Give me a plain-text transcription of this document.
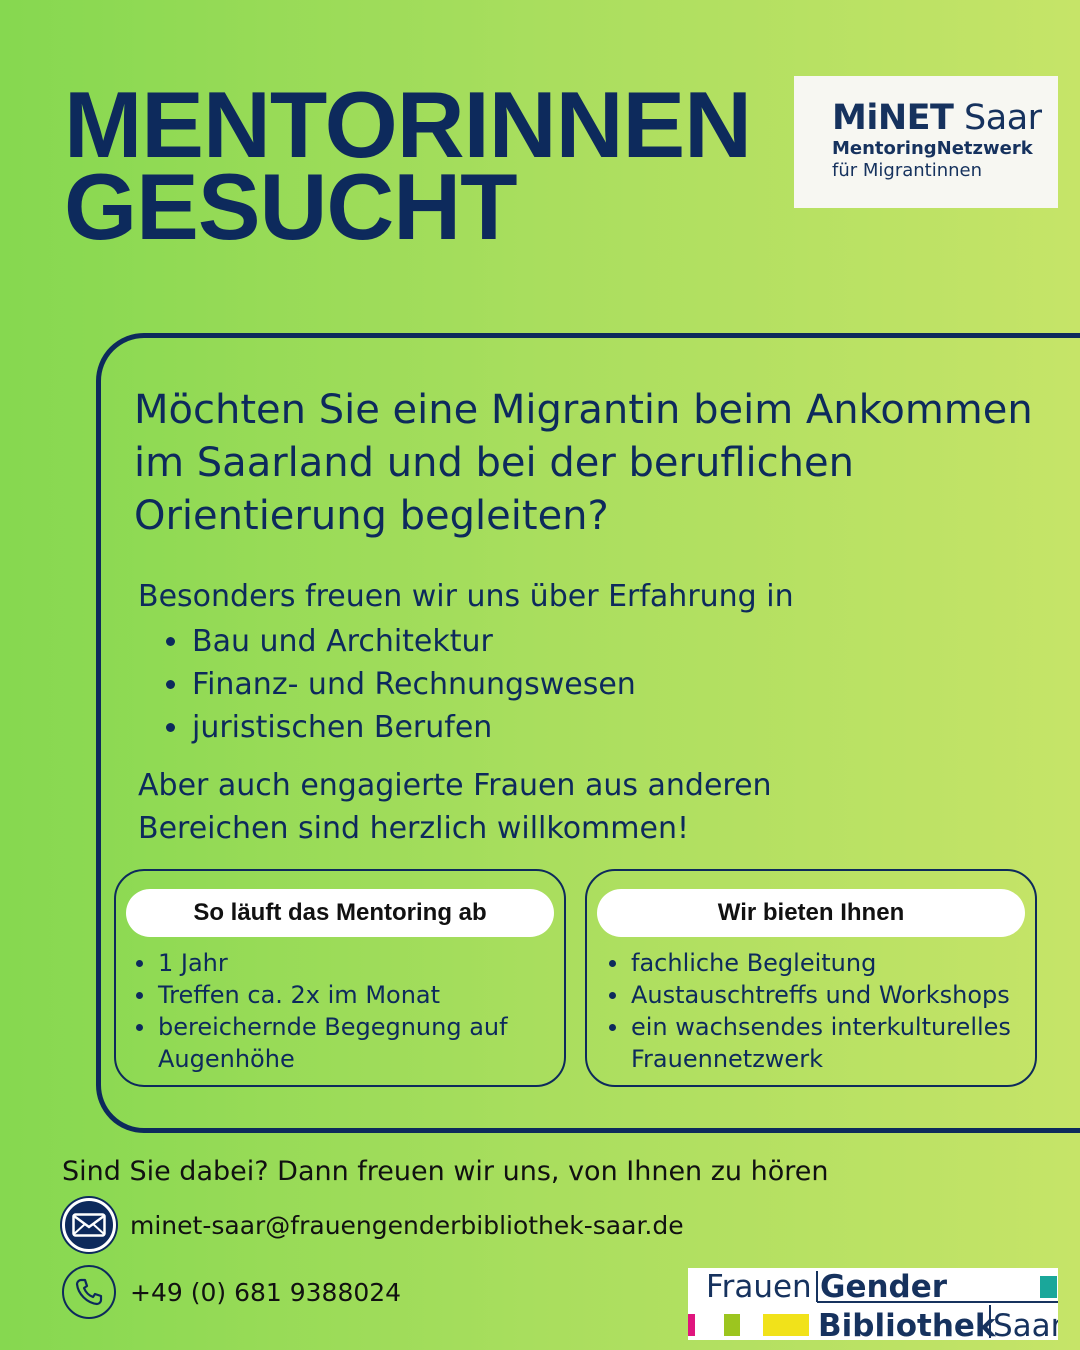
MENTORINNEN
GESUCHT
MiNET Saar
MentoringNetzwerk
für Migrantinnen

Möchten Sie eine Migrantin beim Ankommen im Saarland und bei der beruflichen Orientierung begleiten?

Besonders freuen wir uns über Erfahrung in

Bau und Architektur
Finanz- und Rechnungswesen
juristischen Berufen

Aber auch engagierte Frauen aus anderen
Bereichen sind herzlich willkommen!

So läuft das Mentoring ab
1 Jahr
Treffen ca. 2x im Monat
bereichernde Begegnung auf
Augenhöhe
Wir bieten Ihnen
fachliche Begleitung
Austauschtreffs und Workshops
ein wachsendes interkulturelles
Frauennetzwerk

Sind Sie dabei? Dann freuen wir uns, von Ihnen zu hören

minet-saar@frauengenderbibliothek-saar.de
+49 (0) 681 9388024	Frauen Gender
Bibliothek
Saar
